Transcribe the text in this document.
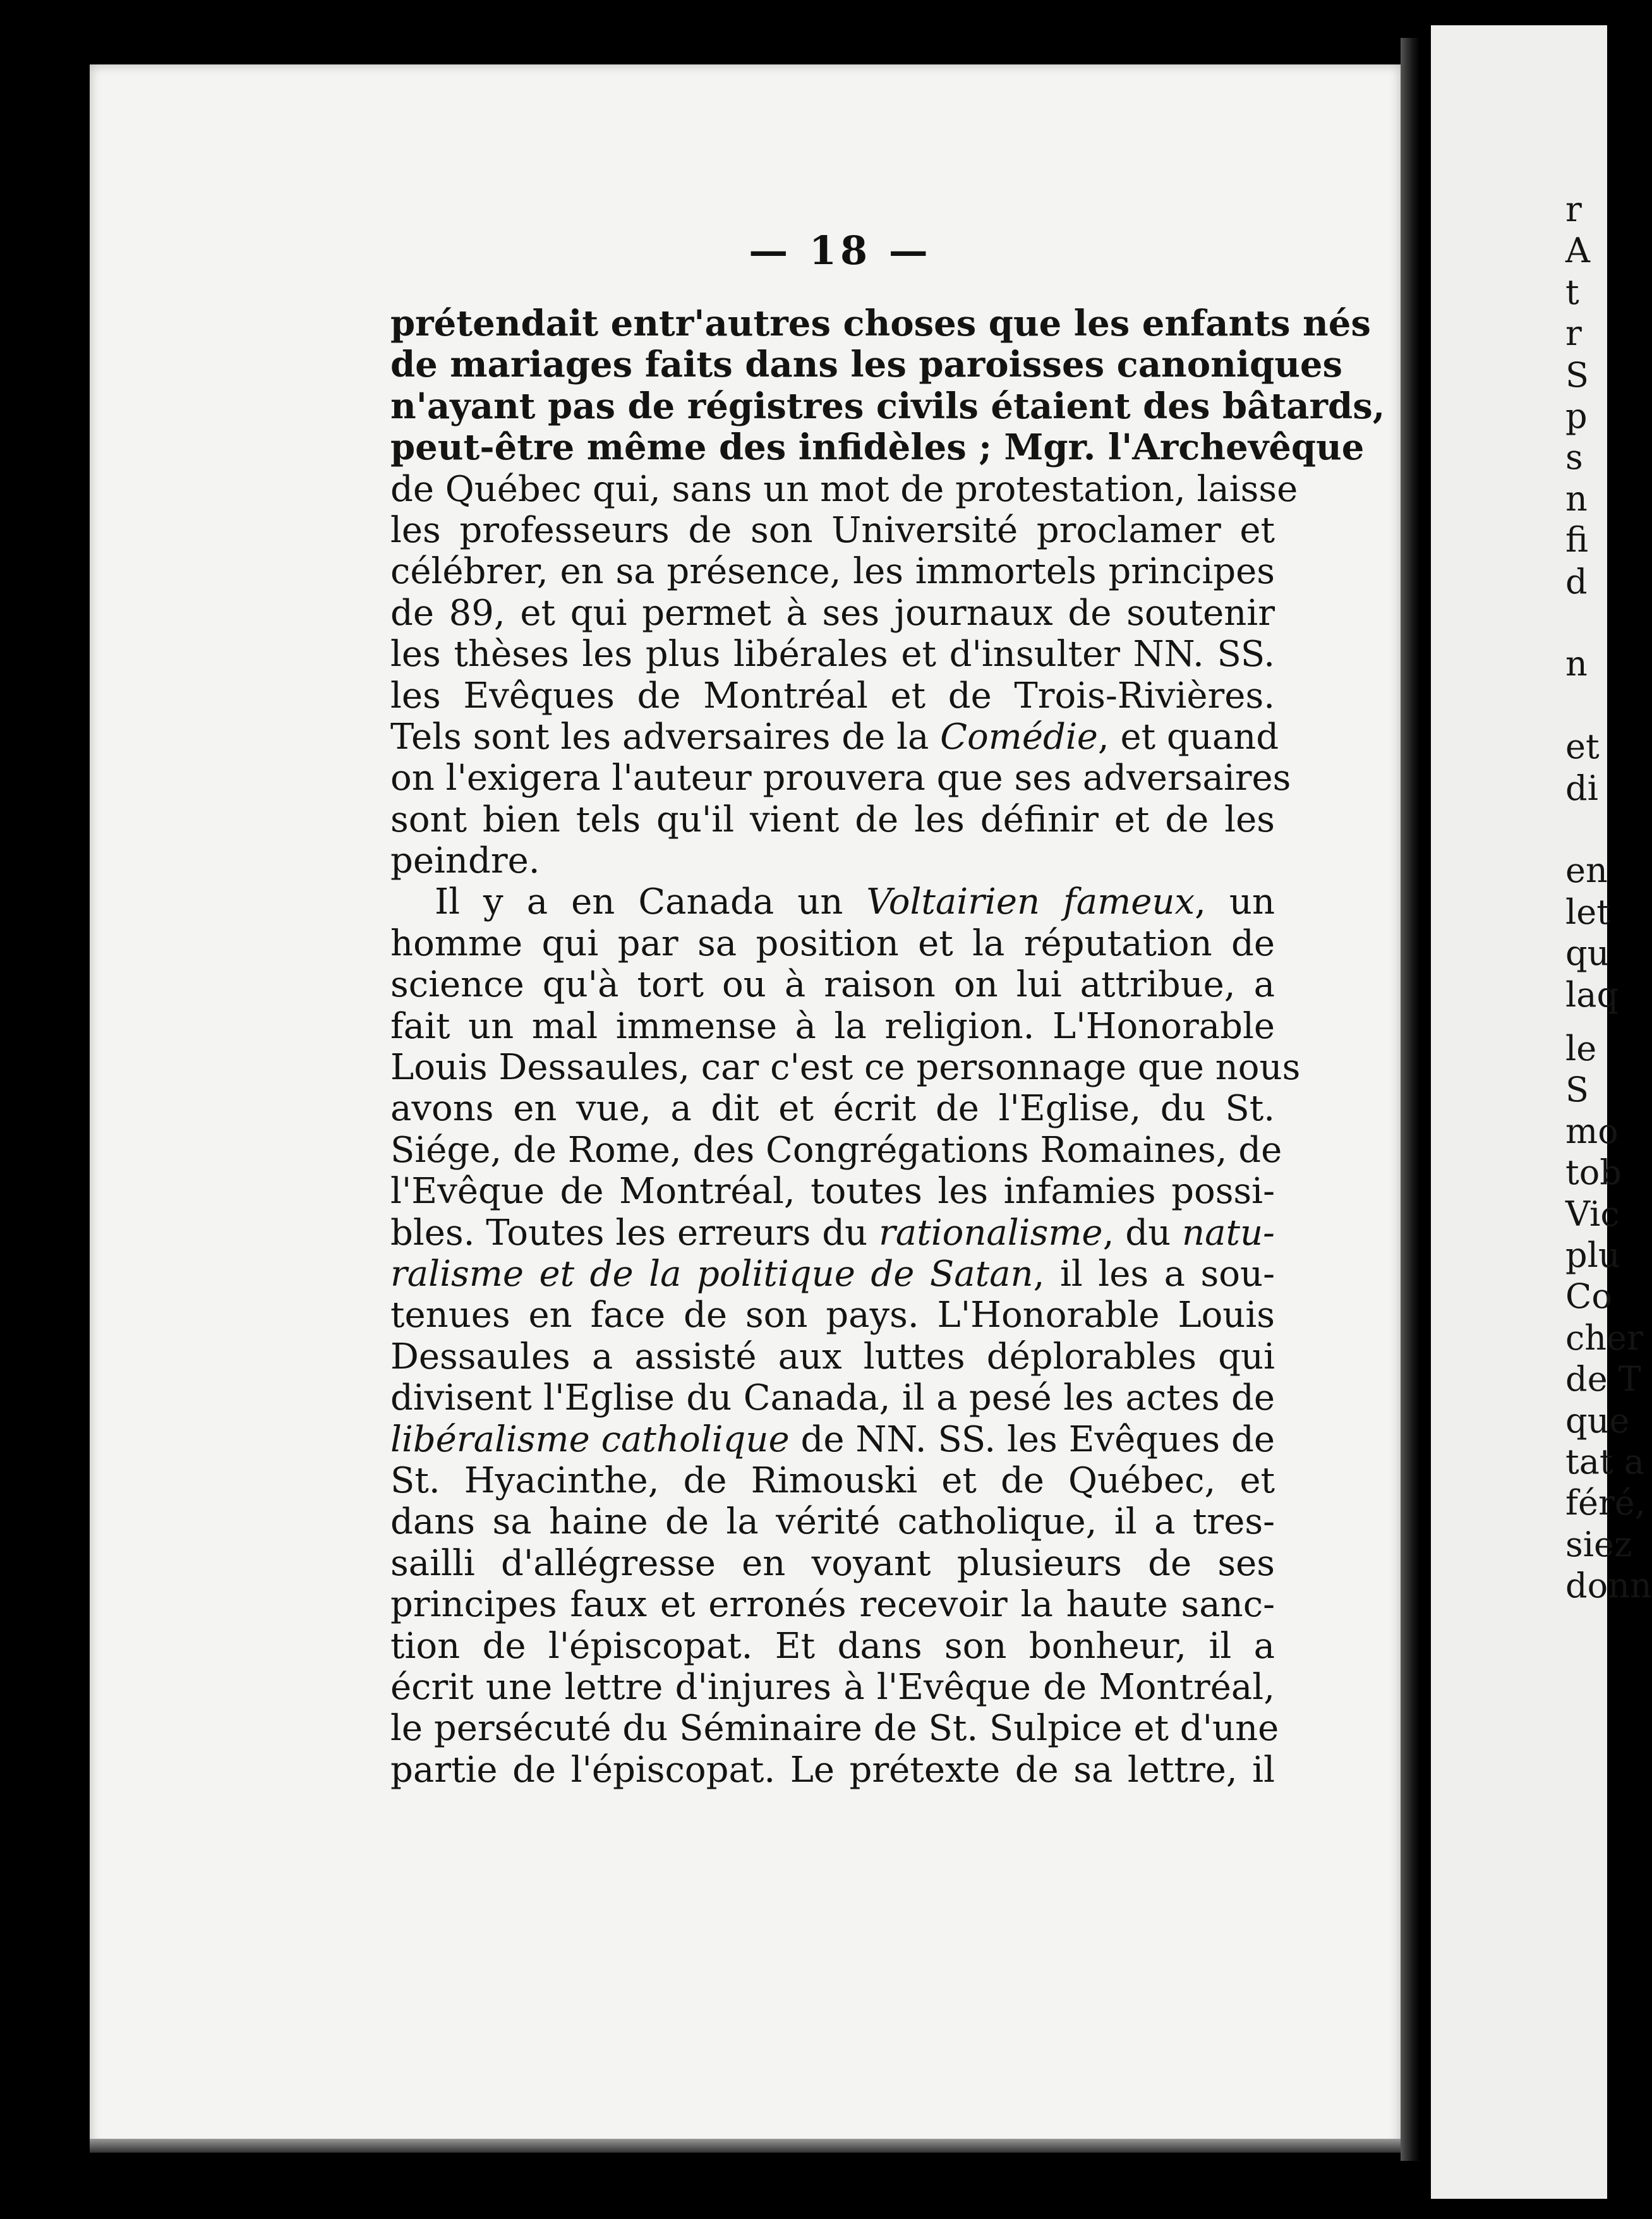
— 18 —
prétendait entr'autres choses que les enfants nés
de mariages faits dans les paroisses canoniques
n'ayant pas de régistres civils étaient des bâtards,
peut-être même des infidèles ; Mgr. l'Archevêque
de Québec qui, sans un mot de protestation, laisse
les professeurs de son Université proclamer et
célébrer, en sa présence, les immortels principes
de 89, et qui permet à ses journaux de soutenir
les thèses les plus libérales et d'insulter NN. SS.
les Evêques de Montréal et de Trois-Rivières.
Tels sont les adversaires de la Comédie, et quand
on l'exigera l'auteur prouvera que ses adversaires
sont bien tels qu'il vient de les définir et de les
peindre.
Il y a en Canada un Voltairien fameux, un
homme qui par sa position et la réputation de
science qu'à tort ou à raison on lui attribue, a
fait un mal immense à la religion. L'Honorable
Louis Dessaules, car c'est ce personnage que nous
avons en vue, a dit et écrit de l'Eglise, du St.
Siége, de Rome, des Congrégations Romaines, de
l'Evêque de Montréal, toutes les infamies possi-
bles. Toutes les erreurs du rationalisme, du natu-
ralisme et de la politique de Satan, il les a sou-
tenues en face de son pays. L'Honorable Louis
Dessaules a assisté aux luttes déplorables qui
divisent l'Eglise du Canada, il a pesé les actes de
libéralisme catholique de NN. SS. les Evêques de
St. Hyacinthe, de Rimouski et de Québec, et
dans sa haine de la vérité catholique, il a tres-
sailli d'allégresse en voyant plusieurs de ses
principes faux et erronés recevoir la haute sanc-
tion de l'épiscopat. Et dans son bonheur, il a
écrit une lettre d'injures à l'Evêque de Montréal,
le persécuté du Séminaire de St. Sulpice et d'une
partie de l'épiscopat. Le prétexte de sa lettre, il
r
A
t
r
S
p
s
n
fi
d
n
et
di
en
let
qu
laq
le
S
mo
tob
Vic
plu
Co
cher
de T
que
tat a
féré,
siez
donn
